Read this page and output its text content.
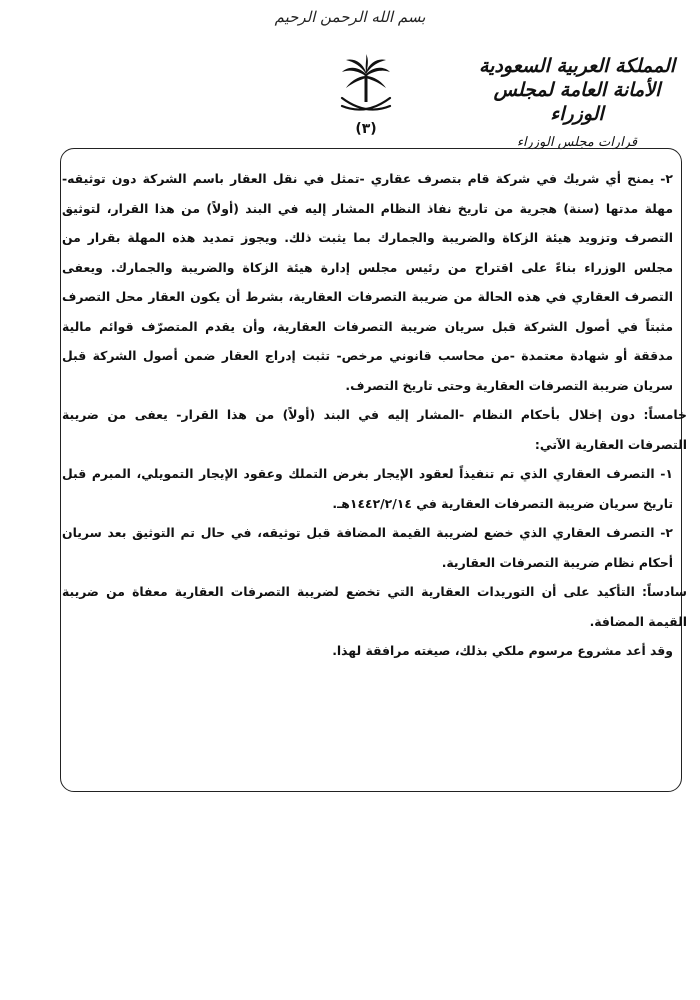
بسم الله الرحمن الرحيم
(٣)
المملكة العربية السعودية
الأمانة العامة لمجلس الوزراء
قرارات مجلس الوزراء

٢- يمنح أي شريك في شركة قام بتصرف عقاري -تمثل في نقل العقار باسم الشركة دون توثيقه- مهلة مدتها (سنة) هجرية من تاريخ نفاذ النظام المشار إليه في البند (أولاً) من هذا القرار، لتوثيق التصرف وتزويد هيئة الزكاة والضريبة والجمارك بما يثبت ذلك. ويجوز تمديد هذه المهلة بقرار من مجلس الوزراء بناءً على اقتراح من رئيس مجلس إدارة هيئة الزكاة والضريبة والجمارك. ويعفى التصرف العقاري في هذه الحالة من ضريبة التصرفات العقارية، بشرط أن يكون العقار محل التصرف مثبتاً في أصول الشركة قبل سريان ضريبة التصرفات العقارية، وأن يقدم المتصرّف قوائم مالية مدققة أو شهادة معتمدة -من محاسب قانوني مرخص- تثبت إدراج العقار ضمن أصول الشركة قبل سريان ضريبة التصرفات العقارية وحتى تاريخ التصرف.

خامساً: دون إخلال بأحكام النظام -المشار إليه في البند (أولاً) من هذا القرار- يعفى من ضريبة التصرفات العقارية الآتي:

١- التصرف العقاري الذي تم تنفيذاً لعقود الإيجار بغرض التملك وعقود الإيجار التمويلي، المبرم قبل تاريخ سريان ضريبة التصرفات العقارية في ١٤٤٢/٢/١٤هـ.

٢- التصرف العقاري الذي خضع لضريبة القيمة المضافة قبل توثيقه، في حال تم التوثيق بعد سريان أحكام نظام ضريبة التصرفات العقارية.

سادساً: التأكيد على أن التوريدات العقارية التي تخضع لضريبة التصرفات العقارية معفاة من ضريبة القيمة المضافة.

وقد أعد مشروع مرسوم ملكي بذلك، صيغته مرافقة لهذا.
